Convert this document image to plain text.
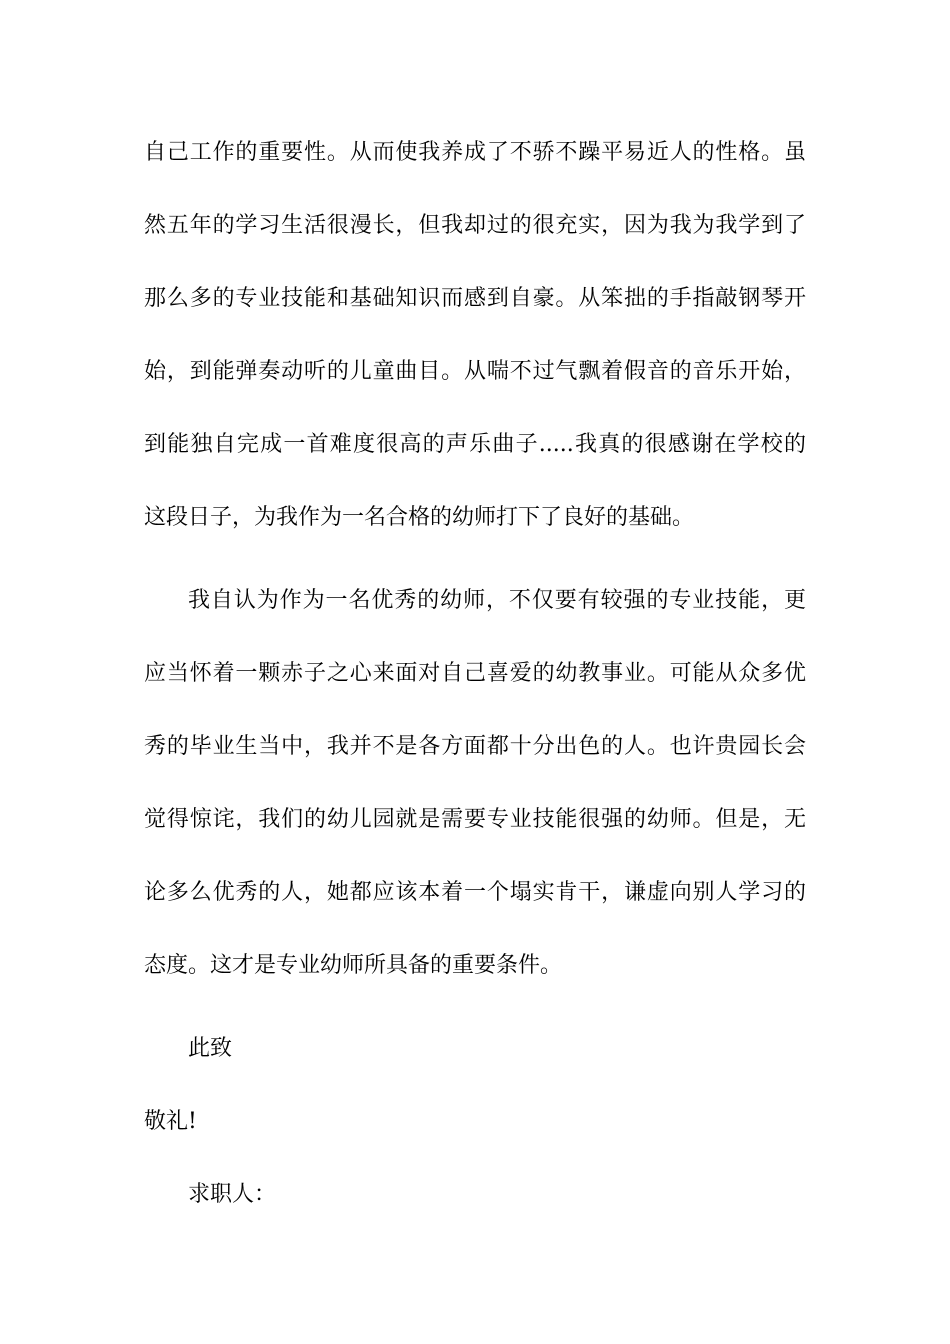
自己工作的重要性。从而使我养成了不骄不躁平易近人的性格。虽
然五年的学习生活很漫长，但我却过的很充实，因为我为我学到了
那么多的专业技能和基础知识而感到自豪。从笨拙的手指敲钢琴开
始，到能弹奏动听的儿童曲目。从喘不过气飘着假音的音乐开始，
到能独自完成一首难度很高的声乐曲子.....我真的很感谢在学校的
这段日子，为我作为一名合格的幼师打下了良好的基础。
我自认为作为一名优秀的幼师，不仅要有较强的专业技能，更
应当怀着一颗赤子之心来面对自己喜爱的幼教事业。可能从众多优
秀的毕业生当中，我并不是各方面都十分出色的人。也许贵园长会
觉得惊诧，我们的幼儿园就是需要专业技能很强的幼师。但是，无
论多么优秀的人，她都应该本着一个塌实肯干，谦虚向别人学习的
态度。这才是专业幼师所具备的重要条件。
此致
敬礼!
求职人：
